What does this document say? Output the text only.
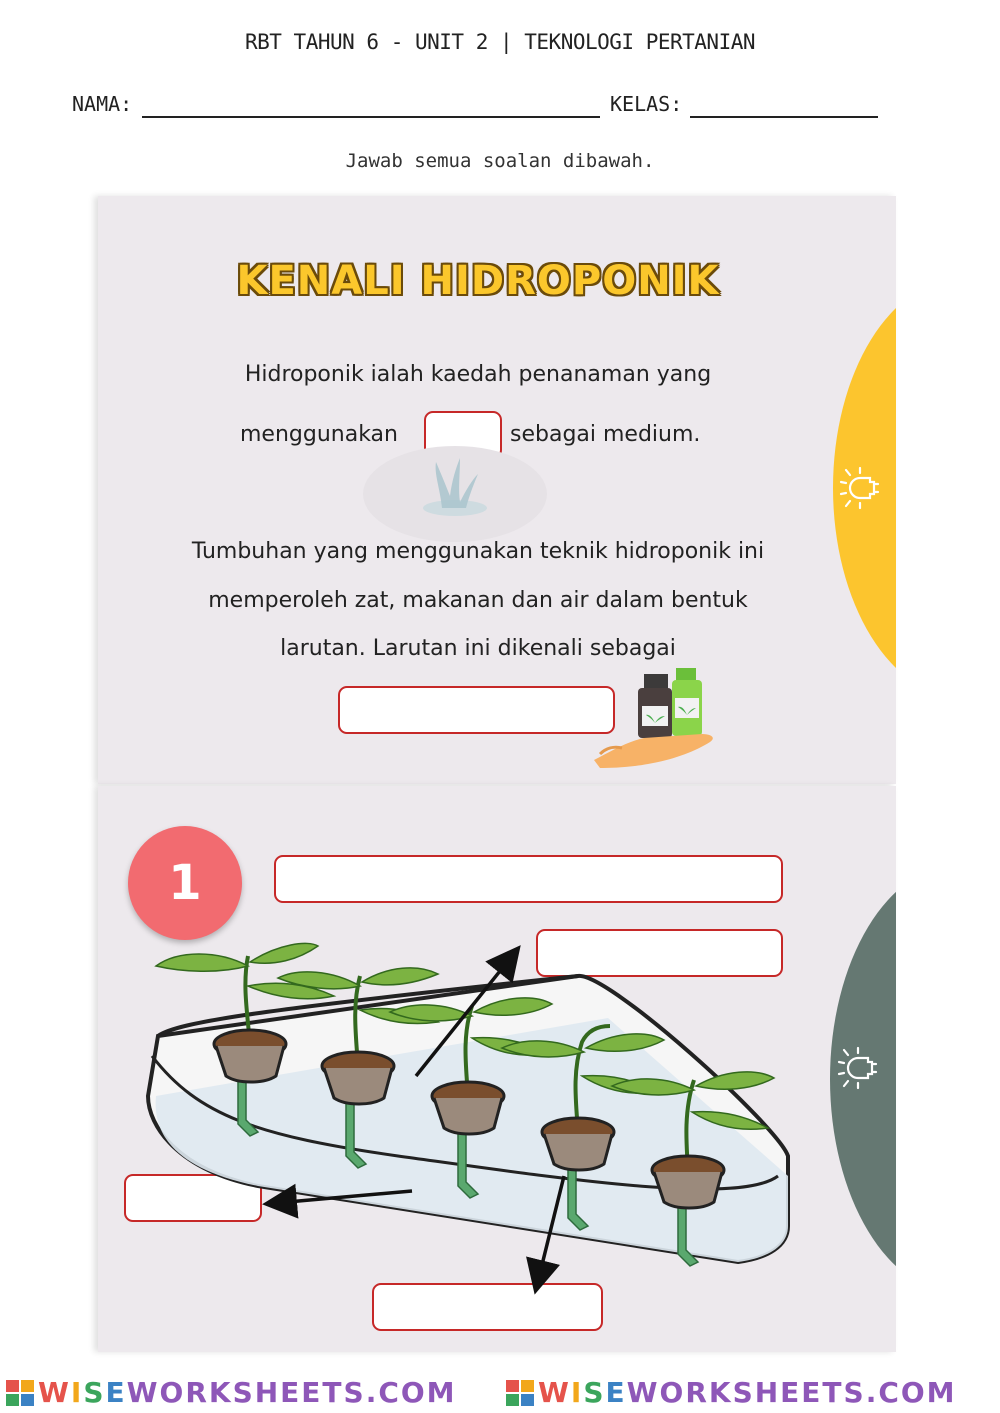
RBT TAHUN 6 - UNIT 2 | TEKNOLOGI PERTANIAN
NAMA:	KELAS:
Jawab semua soalan dibawah.
KENALI HIDROPONIK
Hidroponik ialah kaedah penanaman yang
menggunakan	sebagai medium.
Tumbuhan yang menggunakan teknik hidroponik ini
memperoleh zat, makanan dan air dalam bentuk
larutan. Larutan ini dikenali sebagai
1
WISEWORKSHEETS.COM	WISEWORKSHEETS.COM
